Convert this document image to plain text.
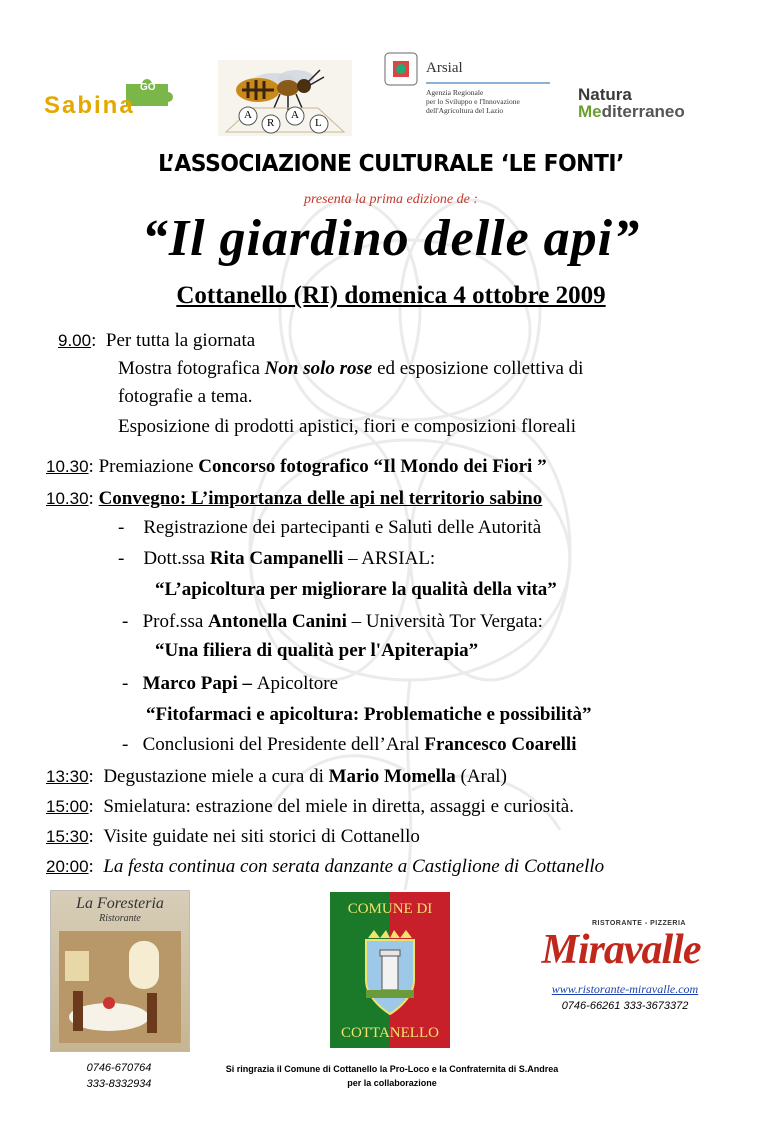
GO
Sabina	A
R
A
L
Arsial
Agenzia Regionale
per lo Sviluppo e l'Innovazione
dell'Agricoltura del Lazio
Natura
Mediterraneo
L’ASSOCIAZIONE CULTURALE ‘LE FONTI’
presenta la prima edizione de :
“Il giardino delle api”
Cottanello (RI) domenica 4 ottobre 2009
9.00:  Per tutta la giornata
Mostra fotografica Non solo rose ed esposizione collettiva di
fotografie a tema.
Esposizione di prodotti apistici, fiori e composizioni floreali
10.30: Premiazione Concorso fotografico “Il Mondo dei Fiori ”
10.30: Convegno: L’importanza delle api nel territorio sabino
- Registrazione dei partecipanti e Saluti delle Autorità
- Dott.ssa Rita Campanelli – ARSIAL:
“L’apicoltura per migliorare la qualità della vita”
- Prof.ssa Antonella Canini – Università Tor Vergata:
“Una filiera di qualità per l'Apiterapia”
- Marco Papi – Apicoltore
“Fitofarmaci e apicoltura: Problematiche e possibilità”
- Conclusioni del Presidente dell’Aral Francesco Coarelli
13:30:  Degustazione miele a cura di Mario Momella (Aral)
15:00:  Smielatura: estrazione del miele in diretta, assaggi e curiosità.
15:30:  Visite guidate nei siti storici di Cottanello
20:00:  La festa continua con serata danzante a Castiglione di Cottanello
La Foresteria
Ristorante
0746-670764
333-8332934
COMUNE DI
COTTANELLO
RISTORANTE - PIZZERIA
Miravalle
www.ristorante-miravalle.com
0746-66261 333-3673372
Si ringrazia il Comune di Cottanello la Pro-Loco e la Confraternita di S.Andrea
per la collaborazione
